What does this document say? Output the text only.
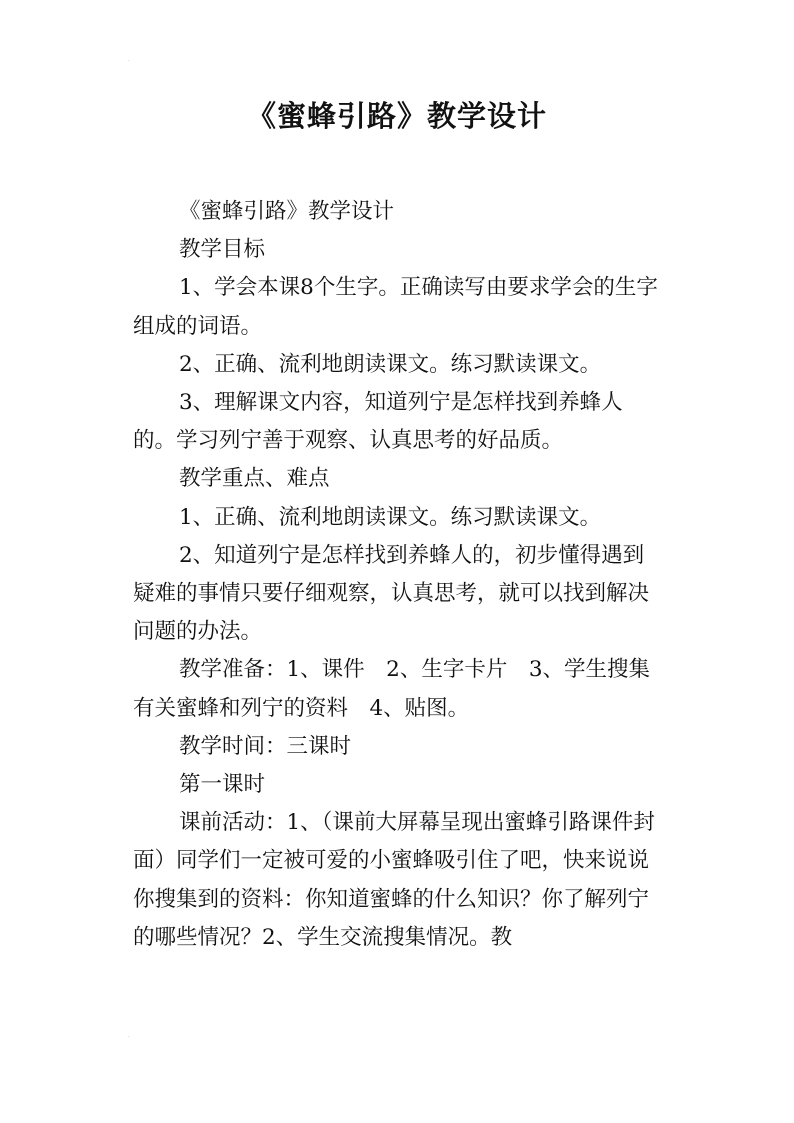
《蜜蜂引路》教学设计

《蜜蜂引路》教学设计

教学目标

1、学会本课8个生字。正确读写由要求学会的生字组成的词语。

2、正确、流利地朗读课文。练习默读课文。

3、理解课文内容，知道列宁是怎样找到养蜂人的。学习列宁善于观察、认真思考的好品质。

教学重点、难点

1、正确、流利地朗读课文。练习默读课文。

2、知道列宁是怎样找到养蜂人的，初步懂得遇到疑难的事情只要仔细观察，认真思考，就可以找到解决问题的办法。

教学准备：1、课件　2、生字卡片　3、学生搜集有关蜜蜂和列宁的资料　4、贴图。

教学时间：三课时

第一课时

课前活动：1、（课前大屏幕呈现出蜜蜂引路课件封面）同学们一定被可爱的小蜜蜂吸引住了吧，快来说说你搜集到的资料：你知道蜜蜂的什么知识？你了解列宁的哪些情况？2、学生交流搜集情况。教

·
·
